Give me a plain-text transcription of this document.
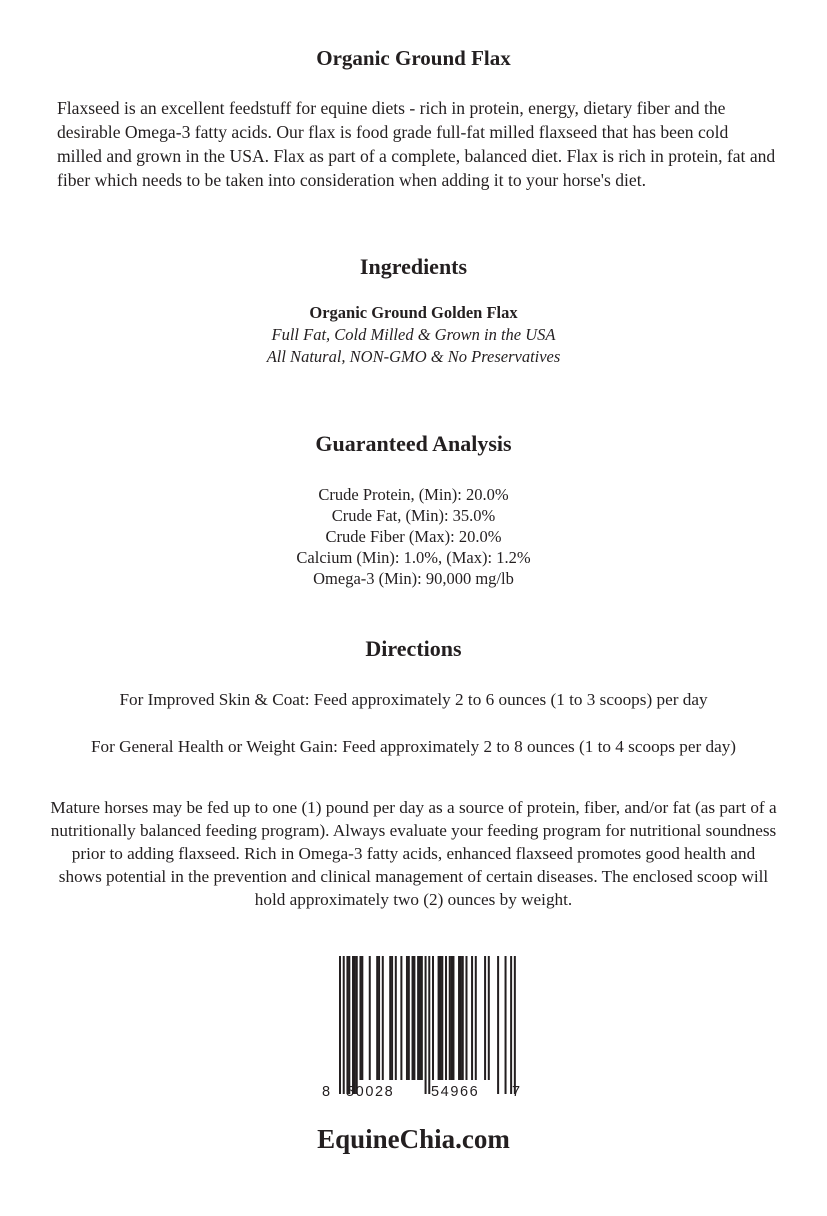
Organic Ground Flax

Flaxseed is an excellent feedstuff for equine diets - rich in protein, energy, dietary fiber and the desirable Omega-3 fatty acids. Our flax is food grade full-fat milled flaxseed that has been cold milled and grown in the USA. Flax as part of a complete, balanced diet. Flax is rich in protein, fat and fiber which needs to be taken into consideration when adding it to your horse's diet.

Ingredients
Organic Ground Golden Flax
Full Fat, Cold Milled & Grown in the USA
All Natural, NON-GMO & No Preservatives
Guaranteed Analysis
Crude Protein, (Min): 20.0%
Crude Fat, (Min): 35.0%
Crude Fiber (Max): 20.0%
Calcium (Min): 1.0%, (Max): 1.2%
Omega-3 (Min): 90,000 mg/lb
Directions

For Improved Skin & Coat: Feed approximately 2 to 6 ounces (1 to 3 scoops) per day

For General Health or Weight Gain: Feed approximately 2 to 8 ounces (1 to 4 scoops per day)

Mature horses may be fed up to one (1) pound per day as a source of protein, fiber, and/or fat (as part of a nutritionally balanced feeding program). Always evaluate your feeding program for nutritional soundness prior to adding flaxseed. Rich in Omega-3 fatty acids, enhanced flaxseed promotes good health and shows potential in the prevention and clinical management of certain diseases. The enclosed scoop will hold approximately two (2) ounces by weight.

8 50028	54966 7
EquineChia.com
